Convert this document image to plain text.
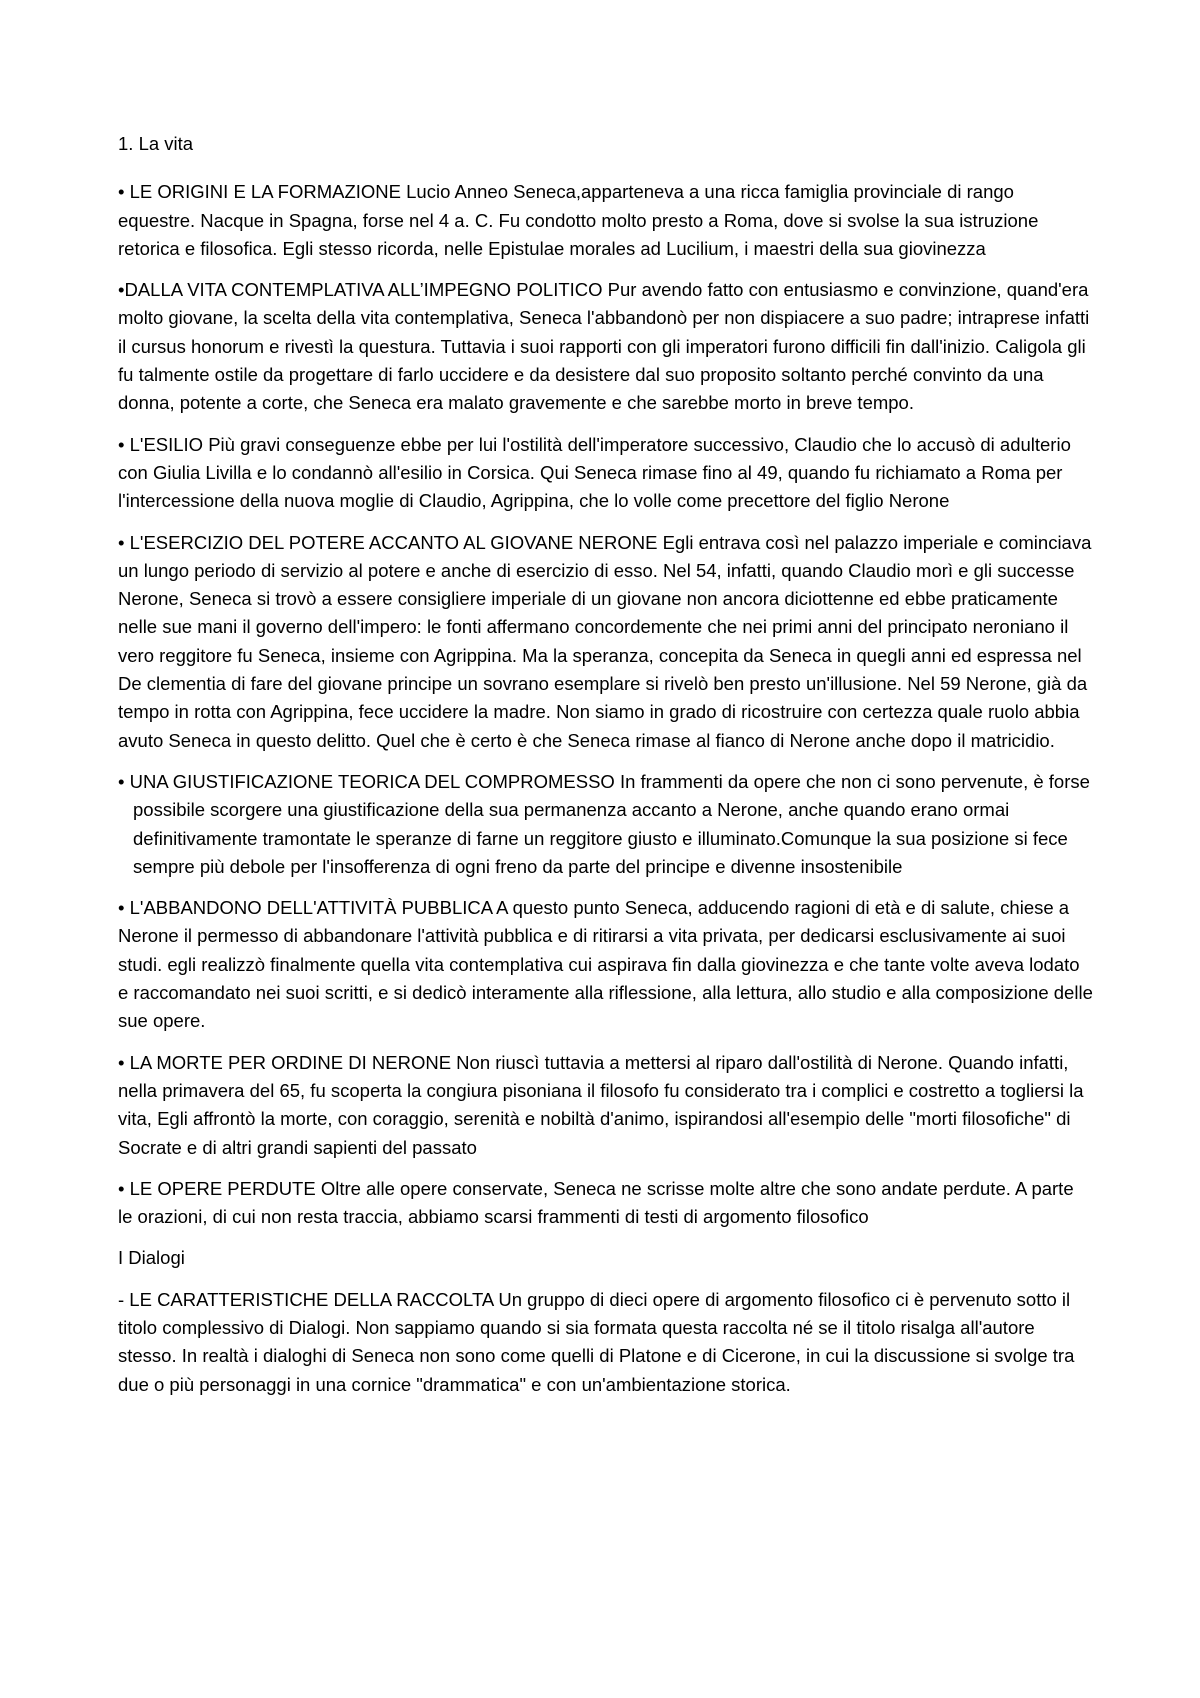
1. La vita

• LE ORIGINI E LA FORMAZIONE Lucio Anneo Seneca,apparteneva a una ricca famiglia provinciale di rango equestre. Nacque in Spagna, forse nel 4 a. C. Fu condotto molto presto a Roma, dove si svolse la sua istruzione retorica e filosofica. Egli stesso ricorda, nelle Epistulae morales ad Lucilium, i maestri della sua giovinezza

•DALLA VITA CONTEMPLATIVA ALL’IMPEGNO POLITICO Pur avendo fatto con entusiasmo e convinzione, quand'era molto giovane, la scelta della vita contemplativa, Seneca l'abbandonò per non dispiacere a suo padre; intraprese infatti il cursus honorum e rivestì la questura. Tuttavia i suoi rapporti con gli imperatori furono difficili fin dall'inizio. Caligola gli fu talmente ostile da progettare di farlo uccidere e da desistere dal suo proposito soltanto perché convinto da una donna, potente a corte, che Seneca era malato gravemente e che sarebbe morto in breve tempo.

• L'ESILIO Più gravi conseguenze ebbe per lui l'ostilità dell'imperatore successivo, Claudio che lo accusò di adulterio con Giulia Livilla e lo condannò all'esilio in Corsica. Qui Seneca rimase fino al 49, quando fu richiamato a Roma per l'intercessione della nuova moglie di Claudio, Agrippina, che lo volle come precettore del figlio Nerone

• L'ESERCIZIO DEL POTERE ACCANTO AL GIOVANE NERONE Egli entrava così nel palazzo imperiale e cominciava un lungo periodo di servizio al potere e anche di esercizio di esso. Nel 54, infatti, quando Claudio morì e gli successe Nerone, Seneca si trovò a essere consigliere imperiale di un giovane non ancora diciottenne ed ebbe praticamente nelle sue mani il governo dell'impero: le fonti affermano concordemente che nei primi anni del principato neroniano il vero reggitore fu Seneca, insieme con Agrippina. Ma la speranza, concepita da Seneca in quegli anni ed espressa nel De clementia di fare del giovane principe un sovrano esemplare si rivelò ben presto un'illusione. Nel 59 Nerone, già da tempo in rotta con Agrippina, fece uccidere la madre. Non siamo in grado di ricostruire con certezza quale ruolo abbia avuto Seneca in questo delitto. Quel che è certo è che Seneca rimase al fianco di Nerone anche dopo il matricidio.

• UNA GIUSTIFICAZIONE TEORICA DEL COMPROMESSO In frammenti da opere che non ci sono pervenute, è forse possibile scorgere una giustificazione della sua permanenza accanto a Nerone, anche quando erano ormai definitivamente tramontate le speranze di farne un reggitore giusto e illuminato.Comunque la sua posizione si fece sempre più debole per l'insofferenza di ogni freno da parte del principe e divenne insostenibile

• L'ABBANDONO DELL'ATTIVITÀ PUBBLICA A questo punto Seneca, adducendo ragioni di età e di salute, chiese a Nerone il permesso di abbandonare l'attività pubblica e di ritirarsi a vita privata, per dedicarsi esclusivamente ai suoi studi. egli realizzò finalmente quella vita contemplativa cui aspirava fin dalla giovinezza e che tante volte aveva lodato e raccomandato nei suoi scritti, e si dedicò interamente alla riflessione, alla lettura, allo studio e alla composizione delle sue opere.

• LA MORTE PER ORDINE DI NERONE Non riuscì tuttavia a mettersi al riparo dall'ostilità di Nerone. Quando infatti, nella primavera del 65, fu scoperta la congiura pisoniana il filosofo fu considerato tra i complici e costretto a togliersi la vita, Egli affrontò la morte, con coraggio, serenità e nobiltà d'animo, ispirandosi all'esempio delle "morti filosofiche" di Socrate e di altri grandi sapienti del passato

• LE OPERE PERDUTE Oltre alle opere conservate, Seneca ne scrisse molte altre che sono andate perdute. A parte le orazioni, di cui non resta traccia, abbiamo scarsi frammenti di testi di argomento filosofico

I Dialogi

- LE CARATTERISTICHE DELLA RACCOLTA Un gruppo di dieci opere di argomento filosofico ci è pervenuto sotto il titolo complessivo di Dialogi. Non sappiamo quando si sia formata questa raccolta né se il titolo risalga all'autore stesso. In realtà i dialoghi di Seneca non sono come quelli di Platone e di Cicerone, in cui la discussione si svolge tra due o più personaggi in una cornice "drammatica" e con un'ambientazione storica.
